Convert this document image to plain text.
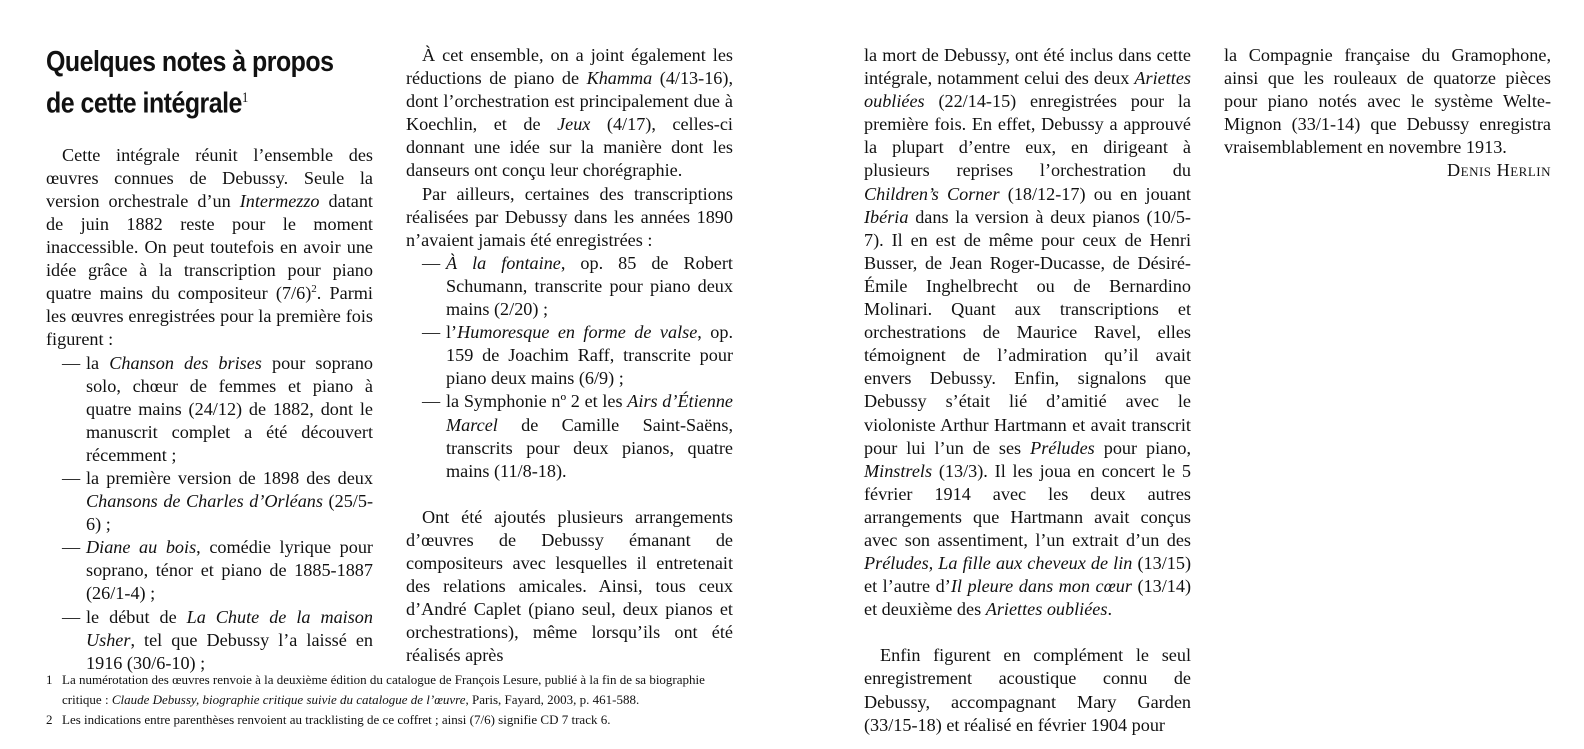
Quelques notes à propos
de cette intégrale$^1$

Cette intégrale réunit l’ensemble des œuvres connues de Debussy. Seule la version orchestrale d’un Intermezzo datant de juin 1882 reste pour le moment inaccessible. On peut toutefois en avoir une idée grâce à la transcription pour piano quatre mains du compositeur (7/6)$^2$. Parmi les œuvres enregistrées pour la première fois figurent :

— la Chanson des brises pour soprano solo, chœur de femmes et piano à quatre mains (24/12) de 1882, dont le manuscrit complet a été découvert récemment ;
— la première version de 1898 des deux Chansons de Charles d’Orléans (25/5-6) ;
— Diane au bois, comédie lyrique pour soprano, ténor et piano de 1885-1887 (26/1-4) ;
— le début de La Chute de la maison Usher, tel que Debussy l’a laissé en 1916 (30/6-10) ;

À cet ensemble, on a joint également les réductions de piano de Khamma (4/13-16), dont l’orchestration est principalement due à Koechlin, et de Jeux (4/17), celles-ci donnant une idée sur la manière dont les danseurs ont conçu leur chorégraphie.

Par ailleurs, certaines des transcriptions réalisées par Debussy dans les années 1890 n’avaient jamais été enregistrées :

— À la fontaine, op. 85 de Robert Schumann, transcrite pour piano deux mains (2/20) ;
— l’Humoresque en forme de valse, op. 159 de Joachim Raff, transcrite pour piano deux mains (6/9) ;
— la Symphonie nº 2 et les Airs d’Étienne Marcel de Camille Saint-Saëns, transcrits pour deux pianos, quatre mains (11/8-18).

Ont été ajoutés plusieurs arrangements d’œuvres de Debussy émanant de compositeurs avec lesquelles il entretenait des relations amicales. Ainsi, tous ceux d’André Caplet (piano seul, deux pianos et orchestrations), même lorsqu’ils ont été réalisés après

la mort de Debussy, ont été inclus dans cette intégrale, notamment celui des deux Ariettes oubliées (22/14-15) enregistrées pour la première fois. En effet, Debussy a approuvé la plupart d’entre eux, en dirigeant à plusieurs reprises l’orchestration du Children’s Corner (18/12-17) ou en jouant Ibéria dans la version à deux pianos (10/5-7). Il en est de même pour ceux de Henri Busser, de Jean Roger-Ducasse, de Désiré-Émile Inghelbrecht ou de Bernardino Molinari. Quant aux transcriptions et orchestrations de Maurice Ravel, elles témoignent de l’admiration qu’il avait envers Debussy. Enfin, signalons que Debussy s’était lié d’amitié avec le violoniste Arthur Hartmann et avait transcrit pour lui l’un de ses Préludes pour piano, Minstrels (13/3). Il les joua en concert le 5 février 1914 avec les deux autres arrangements que Hartmann avait conçus avec son assentiment, l’un extrait d’un des Préludes, La fille aux cheveux de lin (13/15) et l’autre d’Il pleure dans mon cœur (13/14) et deuxième des Ariettes oubliées.

Enfin figurent en complément le seul enregistrement acoustique connu de Debussy, accompagnant Mary Garden (33/15-18) et réalisé en février 1904 pour

la Compagnie française du Gramophone, ainsi que les rouleaux de quatorze pièces pour piano notés avec le système Welte-Mignon (33/1-14) que Debussy enregistra vraisemblablement en novembre 1913.

Denis Herlin

1 La numérotation des œuvres renvoie à la deuxième édition du catalogue de François Lesure, publié à la fin de sa biographie critique : Claude Debussy, biographie critique suivie du catalogue de l’œuvre, Paris, Fayard, 2003, p. 461-588.
2 Les indications entre parenthèses renvoient au tracklisting de ce coffret ; ainsi (7/6) signifie CD 7 track 6.
